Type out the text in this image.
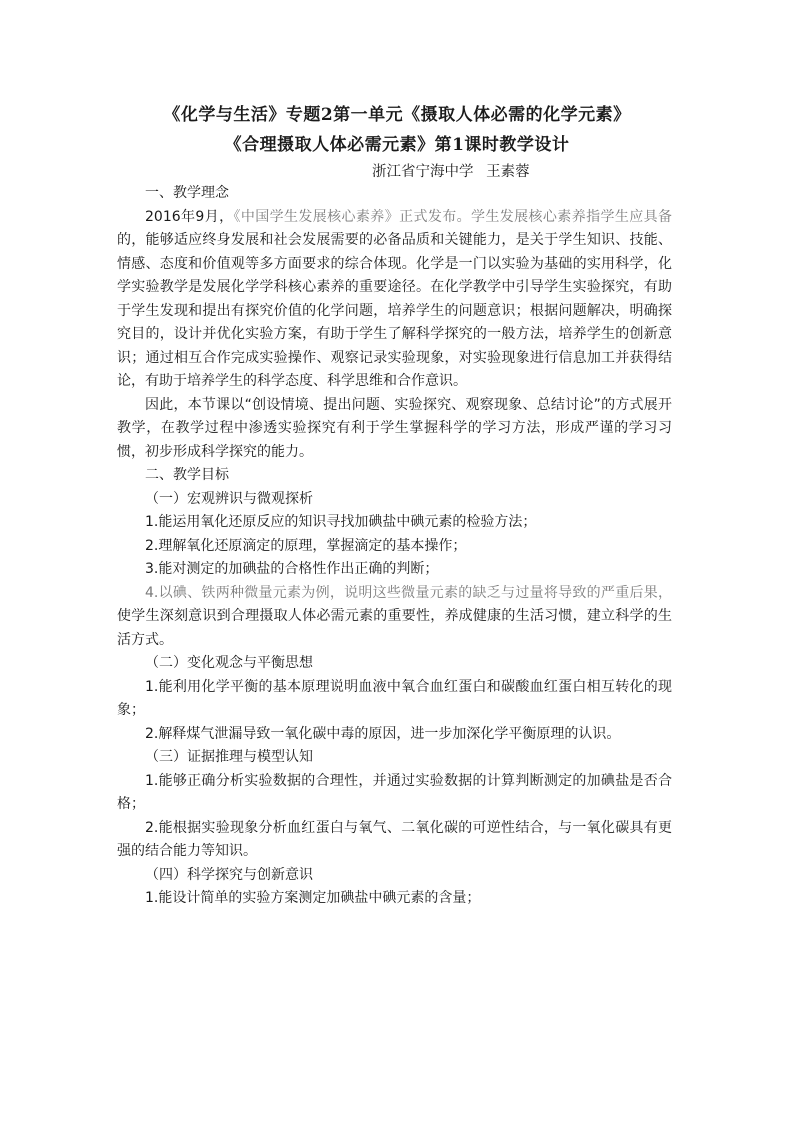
《化学与生活》专题2第一单元《摄取人体必需的化学元素》
《合理摄取人体必需元素》第1课时教学设计
浙江省宁海中学 王素蓉

一、教学理念

2016年9月，《中国学生发展核心素养》正式发布。学生发展核心素养指学生应具备的，能够适应终身发展和社会发展需要的必备品质和关键能力，是关于学生知识、技能、情感、态度和价值观等多方面要求的综合体现。化学是一门以实验为基础的实用科学，化学实验教学是发展化学学科核心素养的重要途径。在化学教学中引导学生实验探究，有助于学生发现和提出有探究价值的化学问题，培养学生的问题意识；根据问题解决，明确探究目的，设计并优化实验方案，有助于学生了解科学探究的一般方法，培养学生的创新意识；通过相互合作完成实验操作、观察记录实验现象，对实验现象进行信息加工并获得结论，有助于培养学生的科学态度、科学思维和合作意识。

因此，本节课以“创设情境、提出问题、实验探究、观察现象、总结讨论”的方式展开教学，在教学过程中渗透实验探究有利于学生掌握科学的学习方法，形成严谨的学习习惯，初步形成科学探究的能力。

二、教学目标

（一）宏观辨识与微观探析

1.能运用氧化还原反应的知识寻找加碘盐中碘元素的检验方法；

2.理解氧化还原滴定的原理，掌握滴定的基本操作；

3.能对测定的加碘盐的合格性作出正确的判断；

4.以碘、铁两种微量元素为例，说明这些微量元素的缺乏与过量将导致的严重后果，使学生深刻意识到合理摄取人体必需元素的重要性，养成健康的生活习惯，建立科学的生活方式。

（二）变化观念与平衡思想

1.能利用化学平衡的基本原理说明血液中氧合血红蛋白和碳酸血红蛋白相互转化的现象；

2.解释煤气泄漏导致一氧化碳中毒的原因，进一步加深化学平衡原理的认识。

（三）证据推理与模型认知

1.能够正确分析实验数据的合理性，并通过实验数据的计算判断测定的加碘盐是否合格；

2.能根据实验现象分析血红蛋白与氧气、二氧化碳的可逆性结合，与一氧化碳具有更强的结合能力等知识。

（四）科学探究与创新意识

1.能设计简单的实验方案测定加碘盐中碘元素的含量；
